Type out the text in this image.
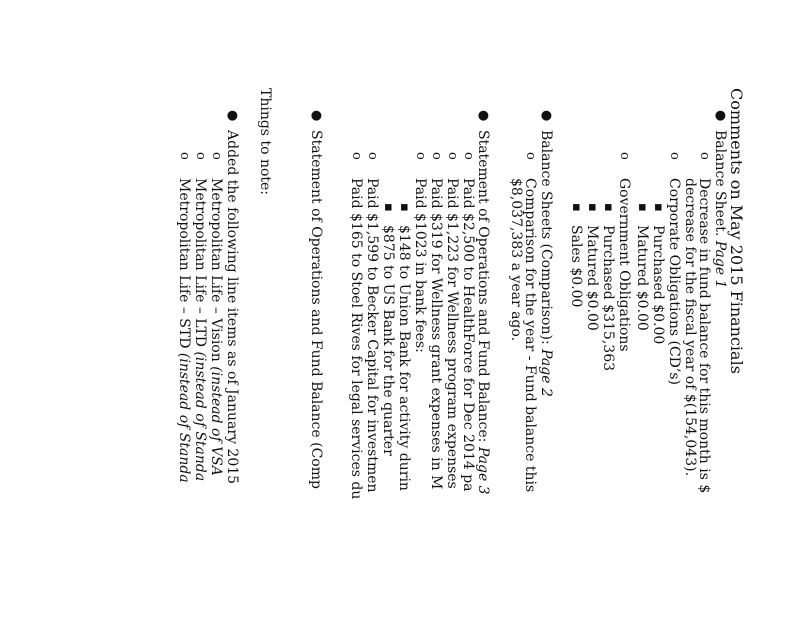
Comments on May 2015 Financials
●
Balance Sheet. Page 1
o
Decrease in fund balance for this month is $
decrease for the fiscal year of $(154,043).
o
Corporate Obligations (CD’s)
▪
Purchased $0.00
▪
Matured $0.00
o
Government Obligations
▪
Purchased $315,363
▪
Matured $0.00
▪
Sales $0.00
●
Balance Sheets (Comparison): Page 2
o
Comparison for the year - Fund balance this
$8,037,383 a year ago.
●
Statement of Operations and Fund Balance: Page 3
o
Paid $2,500 to HealthForce for Dec 2014 pa
o
Paid $1,223 for Wellness program expenses
o
Paid $319 for Wellness grant expenses in M
o
Paid $1023 in bank fees:
▪
$148 to Union Bank for activity durin
▪
$875 to US Bank for the quarter
o
Paid $1,599 to Becker Capital for investmen
o
Paid $165 to Stoel Rives for legal services du
●
Statement of Operations and Fund Balance (Comp
Things to note:
●
Added the following line items as of January 2015
o
Metropolitan Life – Vision (instead of VSA
o
Metropolitan Life – LTD (instead of Standa
o
Metropolitan Life – STD (instead of Standa
